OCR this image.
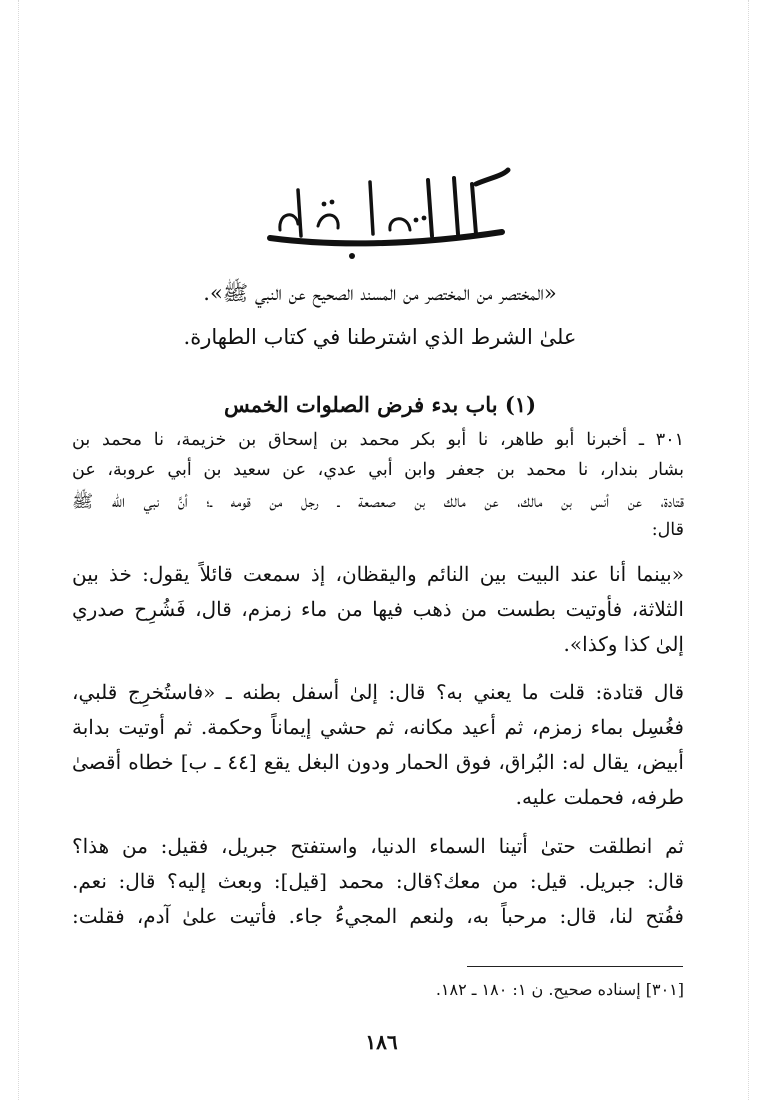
كتاب الصلاة
«المختصر من المختصر من المسند الصحيح عن النبي ﷺ».
علىٰ الشرط الذي اشترطنا في كتاب الطهارة.
(١) باب بدء فرض الصلوات الخمس
٣٠١ ـ أخبرنا أبو طاهر، نا أبو بكر محمد بن إسحاق بن خزيمة، نا محمد بن
بشار بندار، نا محمد بن جعفر وابن أبي عدي، عن سعيد بن أبي عروبة، عن
قتادة، عن أنس بن مالك، عن مالك بن صعصعة ـ رجل من قومه ـ؛ أنَّ نبي الله ﷺ
قال:
«بينما أنا عند البيت بين النائم واليقظان، إذ سمعت قائلاً يقول: خذ بين
الثلاثة، فأوتيت بطست من ذهب فيها من ماء زمزم، قال، فَشُرِح صدري
إلىٰ كذا وكذا».
قال قتادة: قلت ما يعني به؟ قال: إلىٰ أسفل بطنه ـ «فاستُخرِج قلبي،
فغُسِل بماء زمزم، ثم أعيد مكانه، ثم حشي إيماناً وحكمة. ثم أوتيت بدابة
أبيض، يقال له: البُراق، فوق الحمار ودون البغل يقع [٤٤ ـ ب] خطاه أقصىٰ
طرفه، فحملت عليه.
ثم انطلقت حتىٰ أتينا السماء الدنيا، واستفتح جبريل، فقيل: من هذا؟
قال: جبريل. قيل: من معك؟قال: محمد [قيل]: وبعث إليه؟ قال: نعم.
ففُتح لنا، قال: مرحباً به، ولنعم المجيءُ جاء. فأتيت علىٰ آدم، فقلت:
[٣٠١] إسناده صحيح. ن ١: ١٨٠ ـ ١٨٢.
١٨٦
